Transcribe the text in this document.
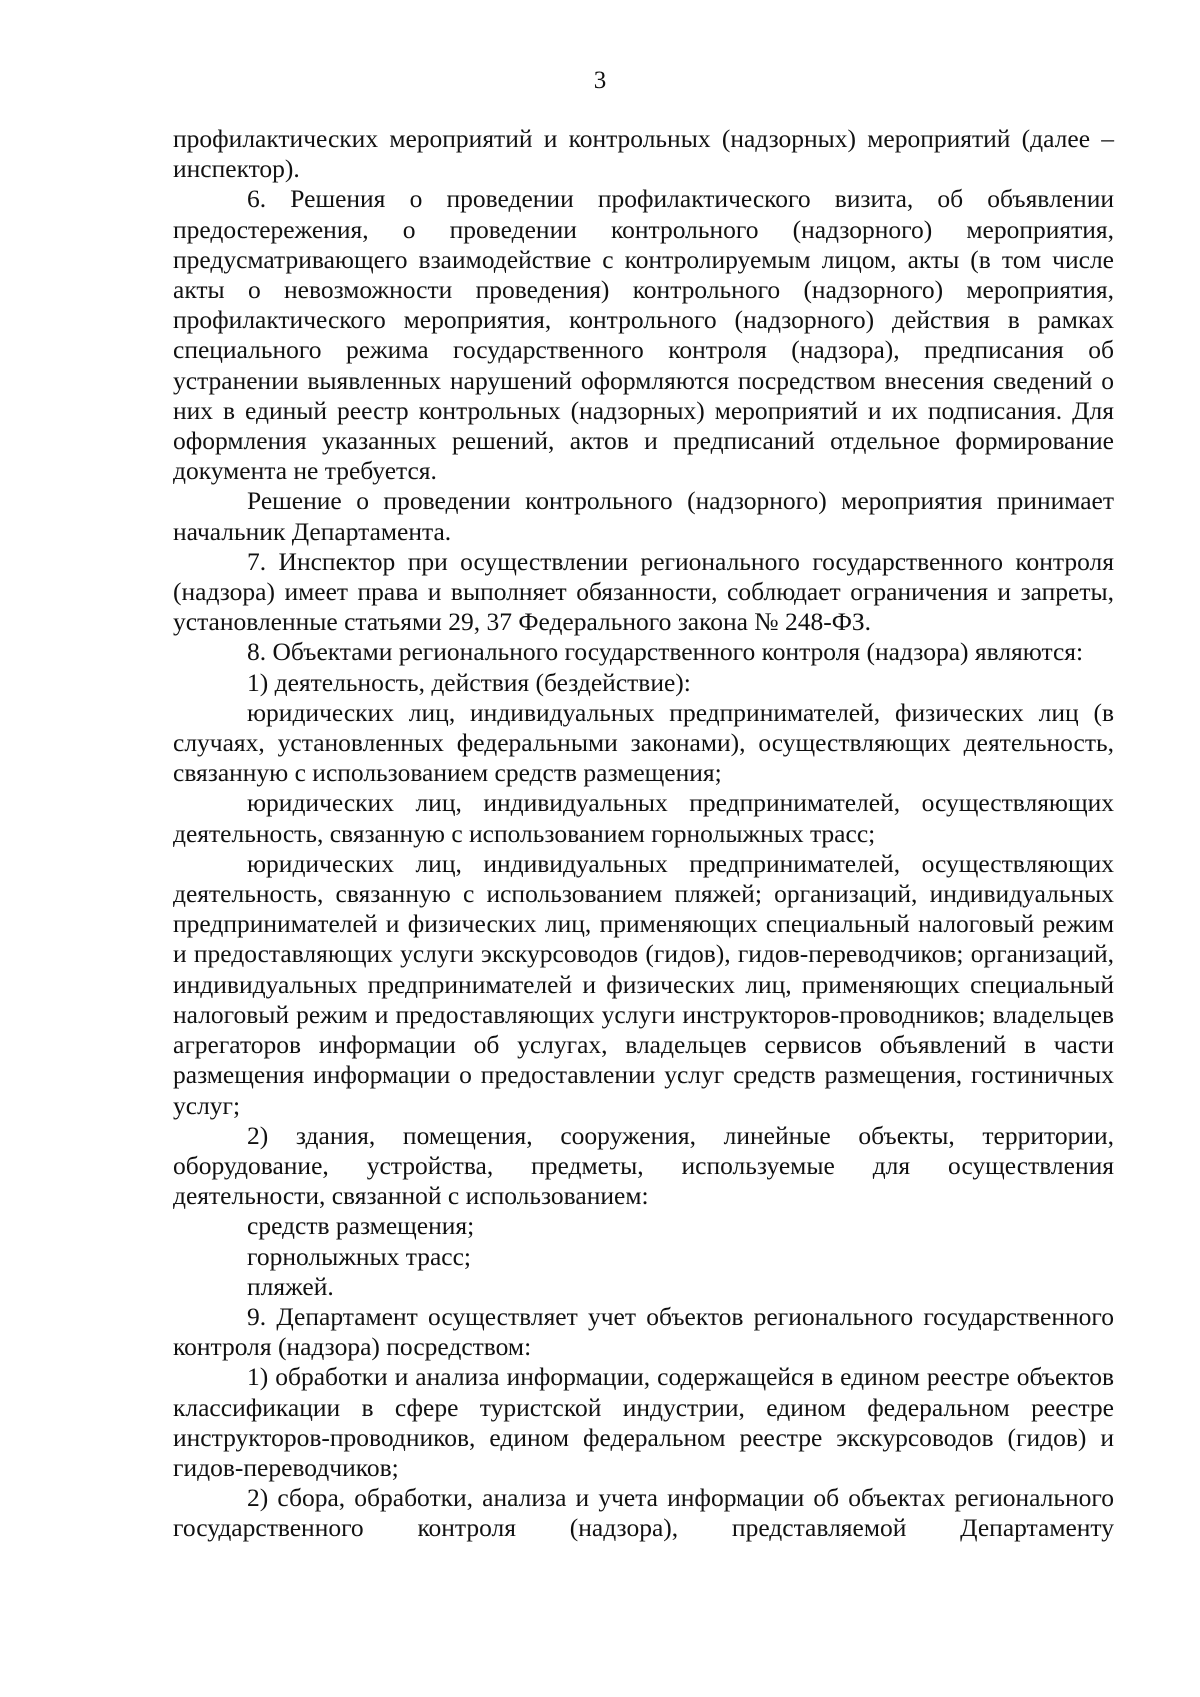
3

профилактических мероприятий и контрольных (надзорных) мероприятий (далее – инспектор).

6. Решения о проведении профилактического визита, об объявлении предостережения, о проведении контрольного (надзорного) мероприятия, предусматривающего взаимодействие с контролируемым лицом, акты (в том числе акты о невозможности проведения) контрольного (надзорного) мероприятия, профилактического мероприятия, контрольного (надзорного) действия в рамках специального режима государственного контроля (надзора), предписания об устранении выявленных нарушений оформляются посредством внесения сведений о них в единый реестр контрольных (надзорных) мероприятий и их подписания. Для оформления указанных решений, актов и предписаний отдельное формирование документа не требуется.

Решение о проведении контрольного (надзорного) мероприятия принимает начальник Департамента.

7. Инспектор при осуществлении регионального государственного контроля (надзора) имеет права и выполняет обязанности, соблюдает ограничения и запреты, установленные статьями 29, 37 Федерального закона № 248-ФЗ.

8. Объектами регионального государственного контроля (надзора) являются:

1) деятельность, действия (бездействие):

юридических лиц, индивидуальных предпринимателей, физических лиц (в случаях, установленных федеральными законами), осуществляющих деятельность, связанную с использованием средств размещения;

юридических лиц, индивидуальных предпринимателей, осуществляющих деятельность, связанную с использованием горнолыжных трасс;

юридических лиц, индивидуальных предпринимателей, осуществляющих деятельность, связанную с использованием пляжей; организаций, индивидуальных предпринимателей и физических лиц, применяющих специальный налоговый режим и предоставляющих услуги экскурсоводов (гидов), гидов-переводчиков; организаций, индивидуальных предпринимателей и физических лиц, применяющих специальный налоговый режим и предоставляющих услуги инструкторов-проводников; владельцев агрегаторов информации об услугах, владельцев сервисов объявлений в части размещения информации о предоставлении услуг средств размещения, гостиничных услуг;

2) здания, помещения, сооружения, линейные объекты, территории, оборудование, устройства, предметы, используемые для осуществления деятельности, связанной с использованием:

средств размещения;

горнолыжных трасс;

пляжей.

9. Департамент осуществляет учет объектов регионального государственного контроля (надзора) посредством:

1) обработки и анализа информации, содержащейся в едином реестре объектов классификации в сфере туристской индустрии, едином федеральном реестре инструкторов-проводников, едином федеральном реестре экскурсоводов (гидов) и гидов-переводчиков;

2) сбора, обработки, анализа и учета информации об объектах регионального государственного контроля (надзора), представляемой Департаменту
